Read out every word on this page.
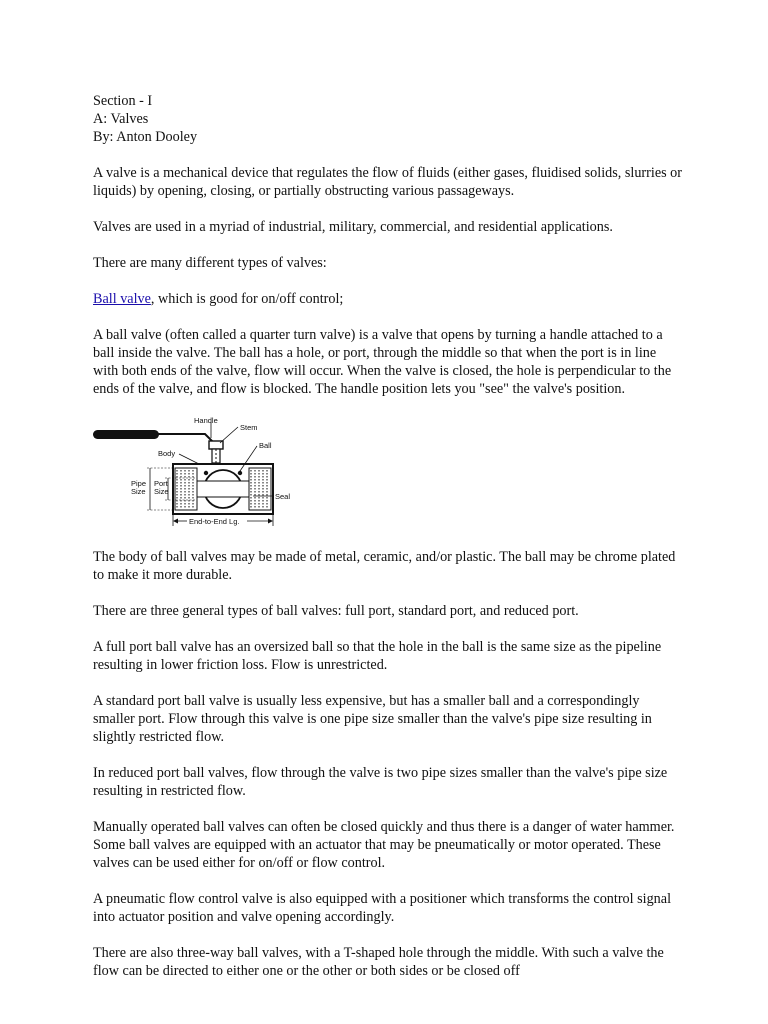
Section - I
A: Valves
By: Anton Dooley

A valve is a mechanical device that regulates the flow of fluids (either gases, fluidised solids, slurries or liquids) by opening, closing, or partially obstructing various passageways.

Valves are used in a myriad of industrial, military, commercial, and residential applications.

There are many different types of valves:

Ball valve, which is good for on/off control;

A ball valve (often called a quarter turn valve) is a valve that opens by turning a handle attached to a ball inside the valve. The ball has a hole, or port, through the middle so that when the port is in line with both ends of the valve, flow will occur. When the valve is closed, the hole is perpendicular to the ends of the valve, and flow is blocked. The handle position lets you "see" the valve's position.

Handle
Stem
Ball
Body
Seal
Pipe
Size
Port
Size
End-to-End Lg.

The body of ball valves may be made of metal, ceramic, and/or plastic. The ball may be chrome plated to make it more durable.

There are three general types of ball valves: full port, standard port, and reduced port.

A full port ball valve has an oversized ball so that the hole in the ball is the same size as the pipeline resulting in lower friction loss. Flow is unrestricted.

A standard port ball valve is usually less expensive, but has a smaller ball and a correspondingly smaller port. Flow through this valve is one pipe size smaller than the valve's pipe size resulting in slightly restricted flow.

In reduced port ball valves, flow through the valve is two pipe sizes smaller than the valve's pipe size resulting in restricted flow.

Manually operated ball valves can often be closed quickly and thus there is a danger of water hammer. Some ball valves are equipped with an actuator that may be pneumatically or motor operated. These valves can be used either for on/off or flow control.

A pneumatic flow control valve is also equipped with a positioner which transforms the control signal into actuator position and valve opening accordingly.

There are also three-way ball valves, with a T-shaped hole through the middle. With such a valve the flow can be directed to either one or the other or both sides or be closed off
